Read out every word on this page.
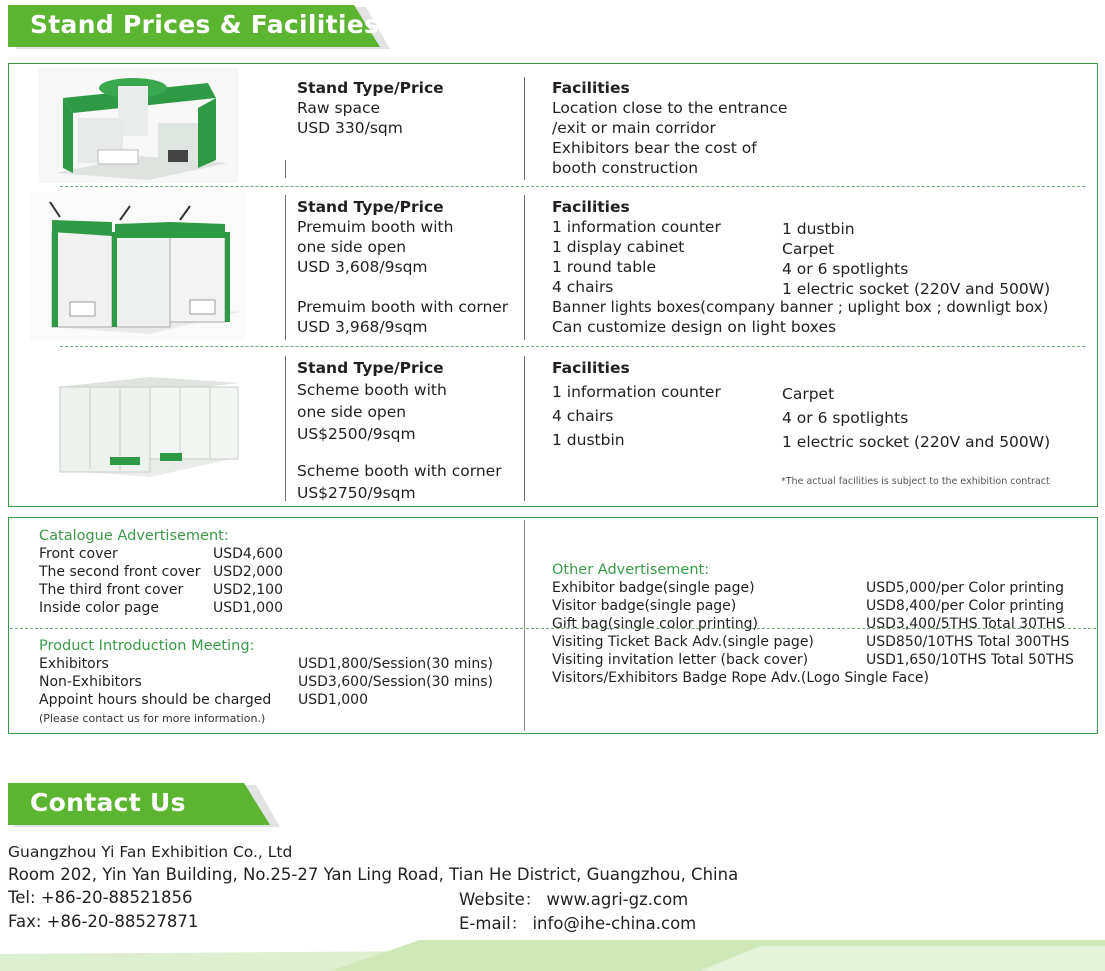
Stand Prices & Facilities
Stand Type/Price
Raw space
USD 330/sqm
Facilities
Location close to the entrance
/exit or main corridor
Exhibitors bear the cost of
booth construction
Stand Type/Price
Premuim booth with
one side open
USD 3,608/9sqm
Premuim booth with corner
USD 3,968/9sqm
Facilities
1 information counter
1 display cabinet
1 round table
4 chairs
1 dustbin
Carpet
4 or 6 spotlights
1 electric socket (220V and 500W)
Banner lights boxes(company banner ; uplight box ; downligt box)
Can customize design on light boxes
Stand Type/Price
Scheme booth with
one side open
US$2500/9sqm
Scheme booth with corner
US$2750/9sqm
Facilities
1 information counter
4 chairs
1 dustbin
Carpet
4 or 6 spotlights
1 electric socket (220V and 500W)
*The actual facilities is subject to the exhibition contract
Catalogue Advertisement:
Front cover	USD4,600
The second front cover USD2,000
The third front cover USD2,100
Inside color page	USD1,000
Product Introduction Meeting:
Exhibitors	USD1,800/Session(30 mins)
Non-Exhibitors	USD3,600/Session(30 mins)
Appoint hours should be charged USD1,000
(Please contact us for more information.)
Other Advertisement:
Exhibitor badge(single page)	USD5,000/per Color printing
Visitor badge(single page)	USD8,400/per Color printing
Gift bag(single color printing)	USD3,400/5THS Total 30THS
Visiting Ticket Back Adv.(single page)	USD850/10THS Total 300THS
Visiting invitation letter (back cover)	USD1,650/10THS Total 50THS
Visitors/Exhibitors Badge Rope Adv.(Logo Single Face)
Contact Us
Guangzhou Yi Fan Exhibition Co., Ltd
Room 202, Yin Yan Building, No.25-27 Yan Ling Road, Tian He District, Guangzhou, China
Tel: +86-20-88521856
Fax: +86-20-88527871
Website： www.agri-gz.com
E-mail： info@ihe-china.com
